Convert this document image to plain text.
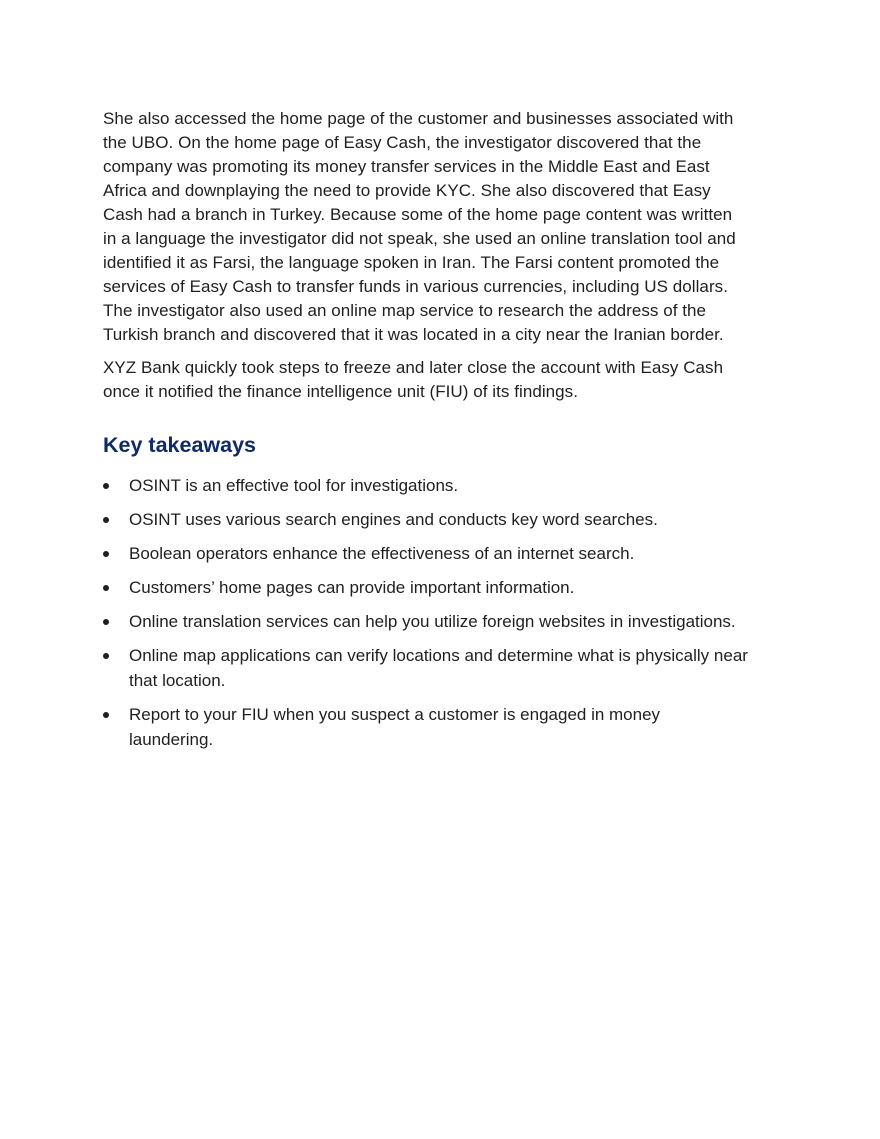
She also accessed the home page of the customer and businesses associated with the UBO. On the home page of Easy Cash, the investigator discovered that the company was promoting its money transfer services in the Middle East and East Africa and downplaying the need to provide KYC. She also discovered that Easy Cash had a branch in Turkey. Because some of the home page content was written in a language the investigator did not speak, she used an online translation tool and identified it as Farsi, the language spoken in Iran. The Farsi content promoted the services of Easy Cash to transfer funds in various currencies, including US dollars. The investigator also used an online map service to research the address of the Turkish branch and discovered that it was located in a city near the Iranian border.

XYZ Bank quickly took steps to freeze and later close the account with Easy Cash once it notified the finance intelligence unit (FIU) of its findings.

Key takeaways
OSINT is an effective tool for investigations.
OSINT uses various search engines and conducts key word searches.
Boolean operators enhance the effectiveness of an internet search.
Customers’ home pages can provide important information.
Online translation services can help you utilize foreign websites in investigations.
Online map applications can verify locations and determine what is physically near that location.
Report to your FIU when you suspect a customer is engaged in money laundering.
